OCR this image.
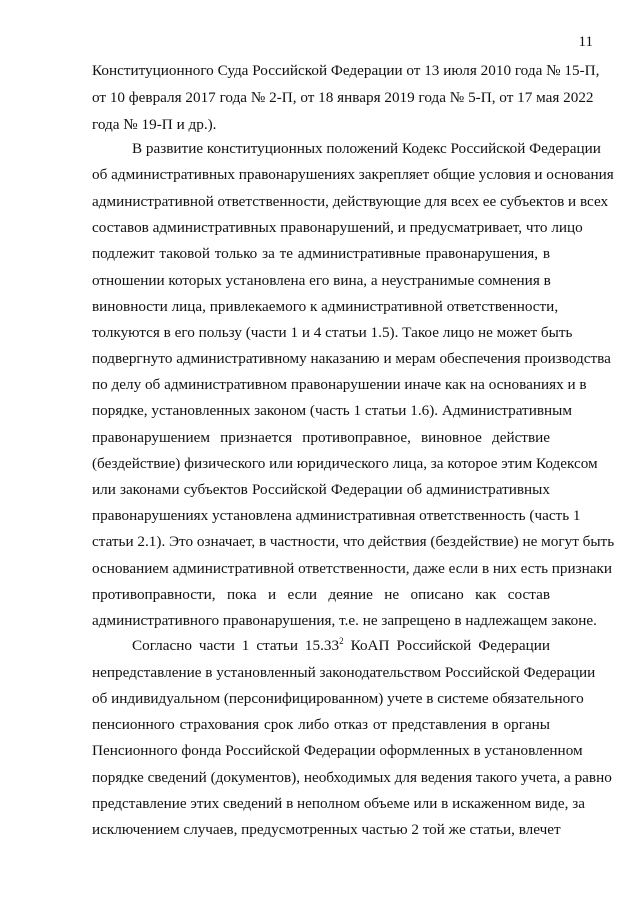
11
Конституционного Суда Российской Федерации от 13 июля 2010 года № 15-П,
от 10 февраля 2017 года № 2-П, от 18 января 2019 года № 5-П, от 17 мая 2022
года № 19-П и др.).
В развитие конституционных положений Кодекс Российской Федерации
об административных правонарушениях закрепляет общие условия и основания
административной ответственности, действующие для всех ее субъектов и всех
составов административных правонарушений, и предусматривает, что лицо
подлежит таковой только за те административные правонарушения, в
отношении которых установлена его вина, а неустранимые сомнения в
виновности лица, привлекаемого к административной ответственности,
толкуются в его пользу (части 1 и 4 статьи 1.5). Такое лицо не может быть
подвергнуто административному наказанию и мерам обеспечения производства
по делу об административном правонарушении иначе как на основаниях и в
порядке, установленных законом (часть 1 статьи 1.6). Административным
правонарушением признается противоправное, виновное действие
(бездействие) физического или юридического лица, за которое этим Кодексом
или законами субъектов Российской Федерации об административных
правонарушениях установлена административная ответственность (часть 1
статьи 2.1). Это означает, в частности, что действия (бездействие) не могут быть
основанием административной ответственности, даже если в них есть признаки
противоправности, пока и если деяние не описано как состав
административного правонарушения, т.е. не запрещено в надлежащем законе.
Согласно части 1 статьи 15.33$^2$ КоАП Российской Федерации
непредставление в установленный законодательством Российской Федерации
об индивидуальном (персонифицированном) учете в системе обязательного
пенсионного страхования срок либо отказ от представления в органы
Пенсионного фонда Российской Федерации оформленных в установленном
порядке сведений (документов), необходимых для ведения такого учета, а равно
представление этих сведений в неполном объеме или в искаженном виде, за
исключением случаев, предусмотренных частью 2 той же статьи, влечет
